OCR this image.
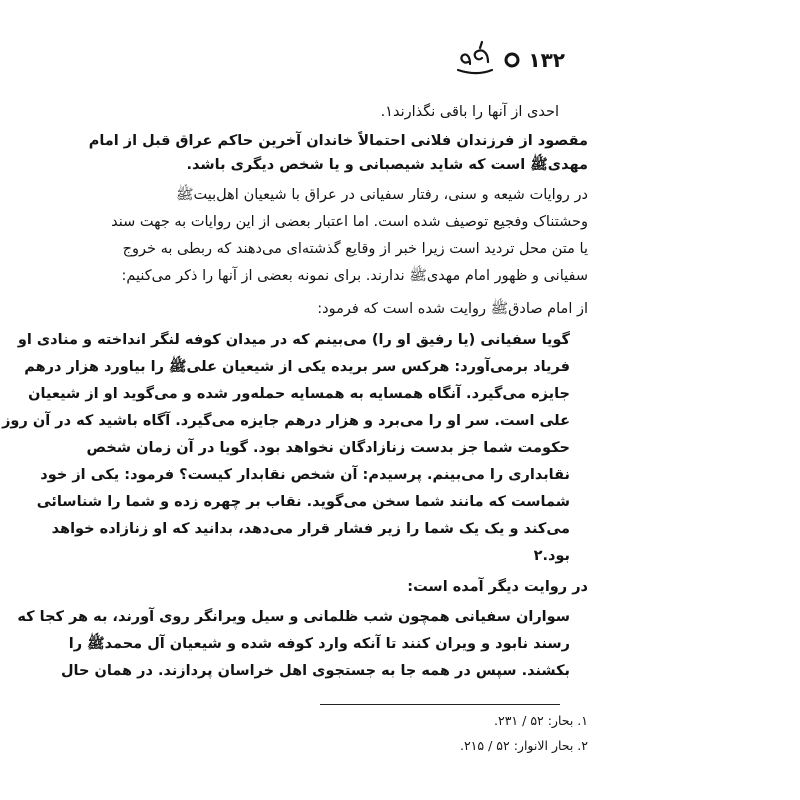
۱۳۲
احدی از آنها را باقی نگذارند۱.
مقصود از فرزندان فلانی احتمالاً خاندان آخرین حاکم عراق قبل از امام
مهدیﷺ است که شاید شیصبانی و یا شخص دیگری باشد.
در روایات شیعه و سنی، رفتار سفیانی در عراق با شیعیان اهل‌بیتﷺ
وحشتناک وفجیع توصیف شده است. اما اعتبار بعضی از این روایات به جهت سند
یا متن محل تردید است زیرا خبر از وقایع گذشته‌ای می‌دهند که ربطی به خروج
سفیانی و ظهور امام مهدیﷺ ندارند. برای نمونه بعضی از آنها را ذکر می‌کنیم:
از امام صادقﷺ روایت شده است که فرمود:
گویا سفیانی (یا رفیق او را) می‌بینم که در میدان کوفه لنگر انداخته و منادی او
فریاد برمی‌آورد: هرکس سر بریده یکی از شیعیان علیﷺ را بیاورد هزار درهم
جایزه می‌گیرد. آنگاه همسایه به همسایه حمله‌ور شده و می‌گوید او از شیعیان
علی است. سر او را می‌برد و هزار درهم جایزه می‌گیرد. آگاه باشید که در آن روز
حکومت شما جز بدست زنازادگان نخواهد بود. گویا در آن زمان شخص
نقابداری را می‌بینم. پرسیدم: آن شخص نقابدار کیست؟ فرمود: یکی از خود
شماست که مانند شما سخن می‌گوید. نقاب بر چهره زده و شما را شناسائی
می‌کند و یک یک شما را زیر فشار قرار می‌دهد، بدانید که او زنازاده خواهد
بود.۲
در روایت دیگر آمده است:
سواران سفیانی همچون شب ظلمانی و سیل ویرانگر روی آورند، به هر کجا که
رسند نابود و ویران کنند تا آنکه وارد کوفه شده و شیعیان آل محمدﷺ را
بکشند. سپس در همه جا به جستجوی اهل خراسان پردازند. در همان حال
۱. بحار: ۵۲ / ۲۳۱.
۲. بحار الانوار: ۵۲ / ۲۱۵.
